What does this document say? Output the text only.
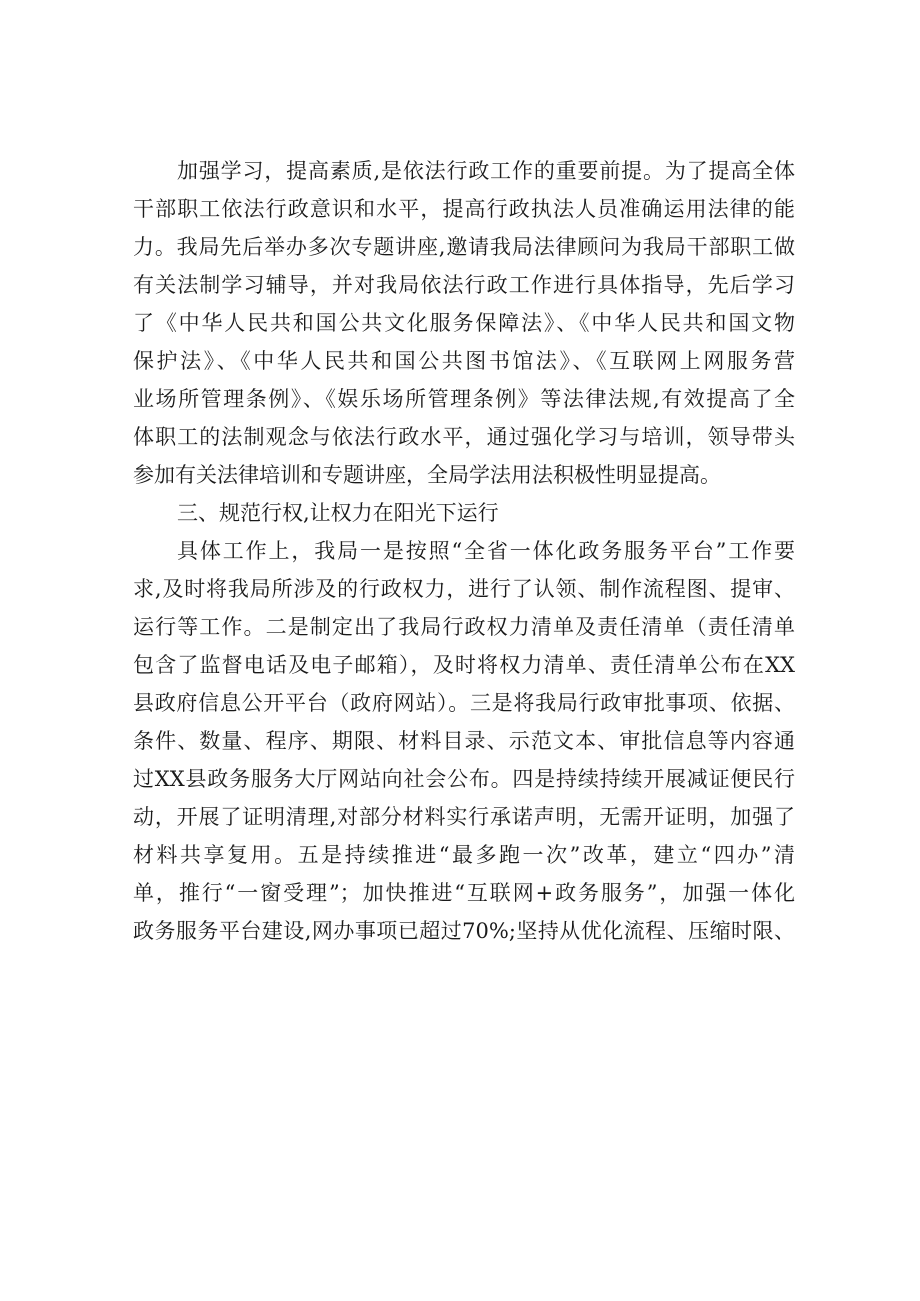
加强学习，提高素质,是依法行政工作的重要前提。为了提高全体
干部职工依法行政意识和水平，提高行政执法人员准确运用法律的能
力。我局先后举办多次专题讲座,邀请我局法律顾问为我局干部职工做
有关法制学习辅导，并对我局依法行政工作进行具体指导，先后学习
了《中华人民共和国公共文化服务保障法》、《中华人民共和国文物
保护法》、《中华人民共和国公共图书馆法》、《互联网上网服务营
业场所管理条例》、《娱乐场所管理条例》等法律法规,有效提高了全
体职工的法制观念与依法行政水平，通过强化学习与培训，领导带头
参加有关法律培训和专题讲座，全局学法用法积极性明显提高。
三、规范行权,让权力在阳光下运行
具体工作上，我局一是按照“全省一体化政务服务平台”工作要
求,及时将我局所涉及的行政权力，进行了认领、制作流程图、提审、
运行等工作。二是制定出了我局行政权力清单及责任清单（责任清单
包含了监督电话及电子邮箱），及时将权力清单、责任清单公布在XX
县政府信息公开平台（政府网站）。三是将我局行政审批事项、依据、
条件、数量、程序、期限、材料目录、示范文本、审批信息等内容通
过XX县政务服务大厅网站向社会公布。四是持续持续开展减证便民行
动，开展了证明清理,对部分材料实行承诺声明，无需开证明，加强了
材料共享复用。五是持续推进“最多跑一次”改革，建立“四办”清
单，推行“一窗受理”；加快推进“互联网+政务服务”，加强一体化
政务服务平台建设,网办事项已超过70%;坚持从优化流程、压缩时限、
